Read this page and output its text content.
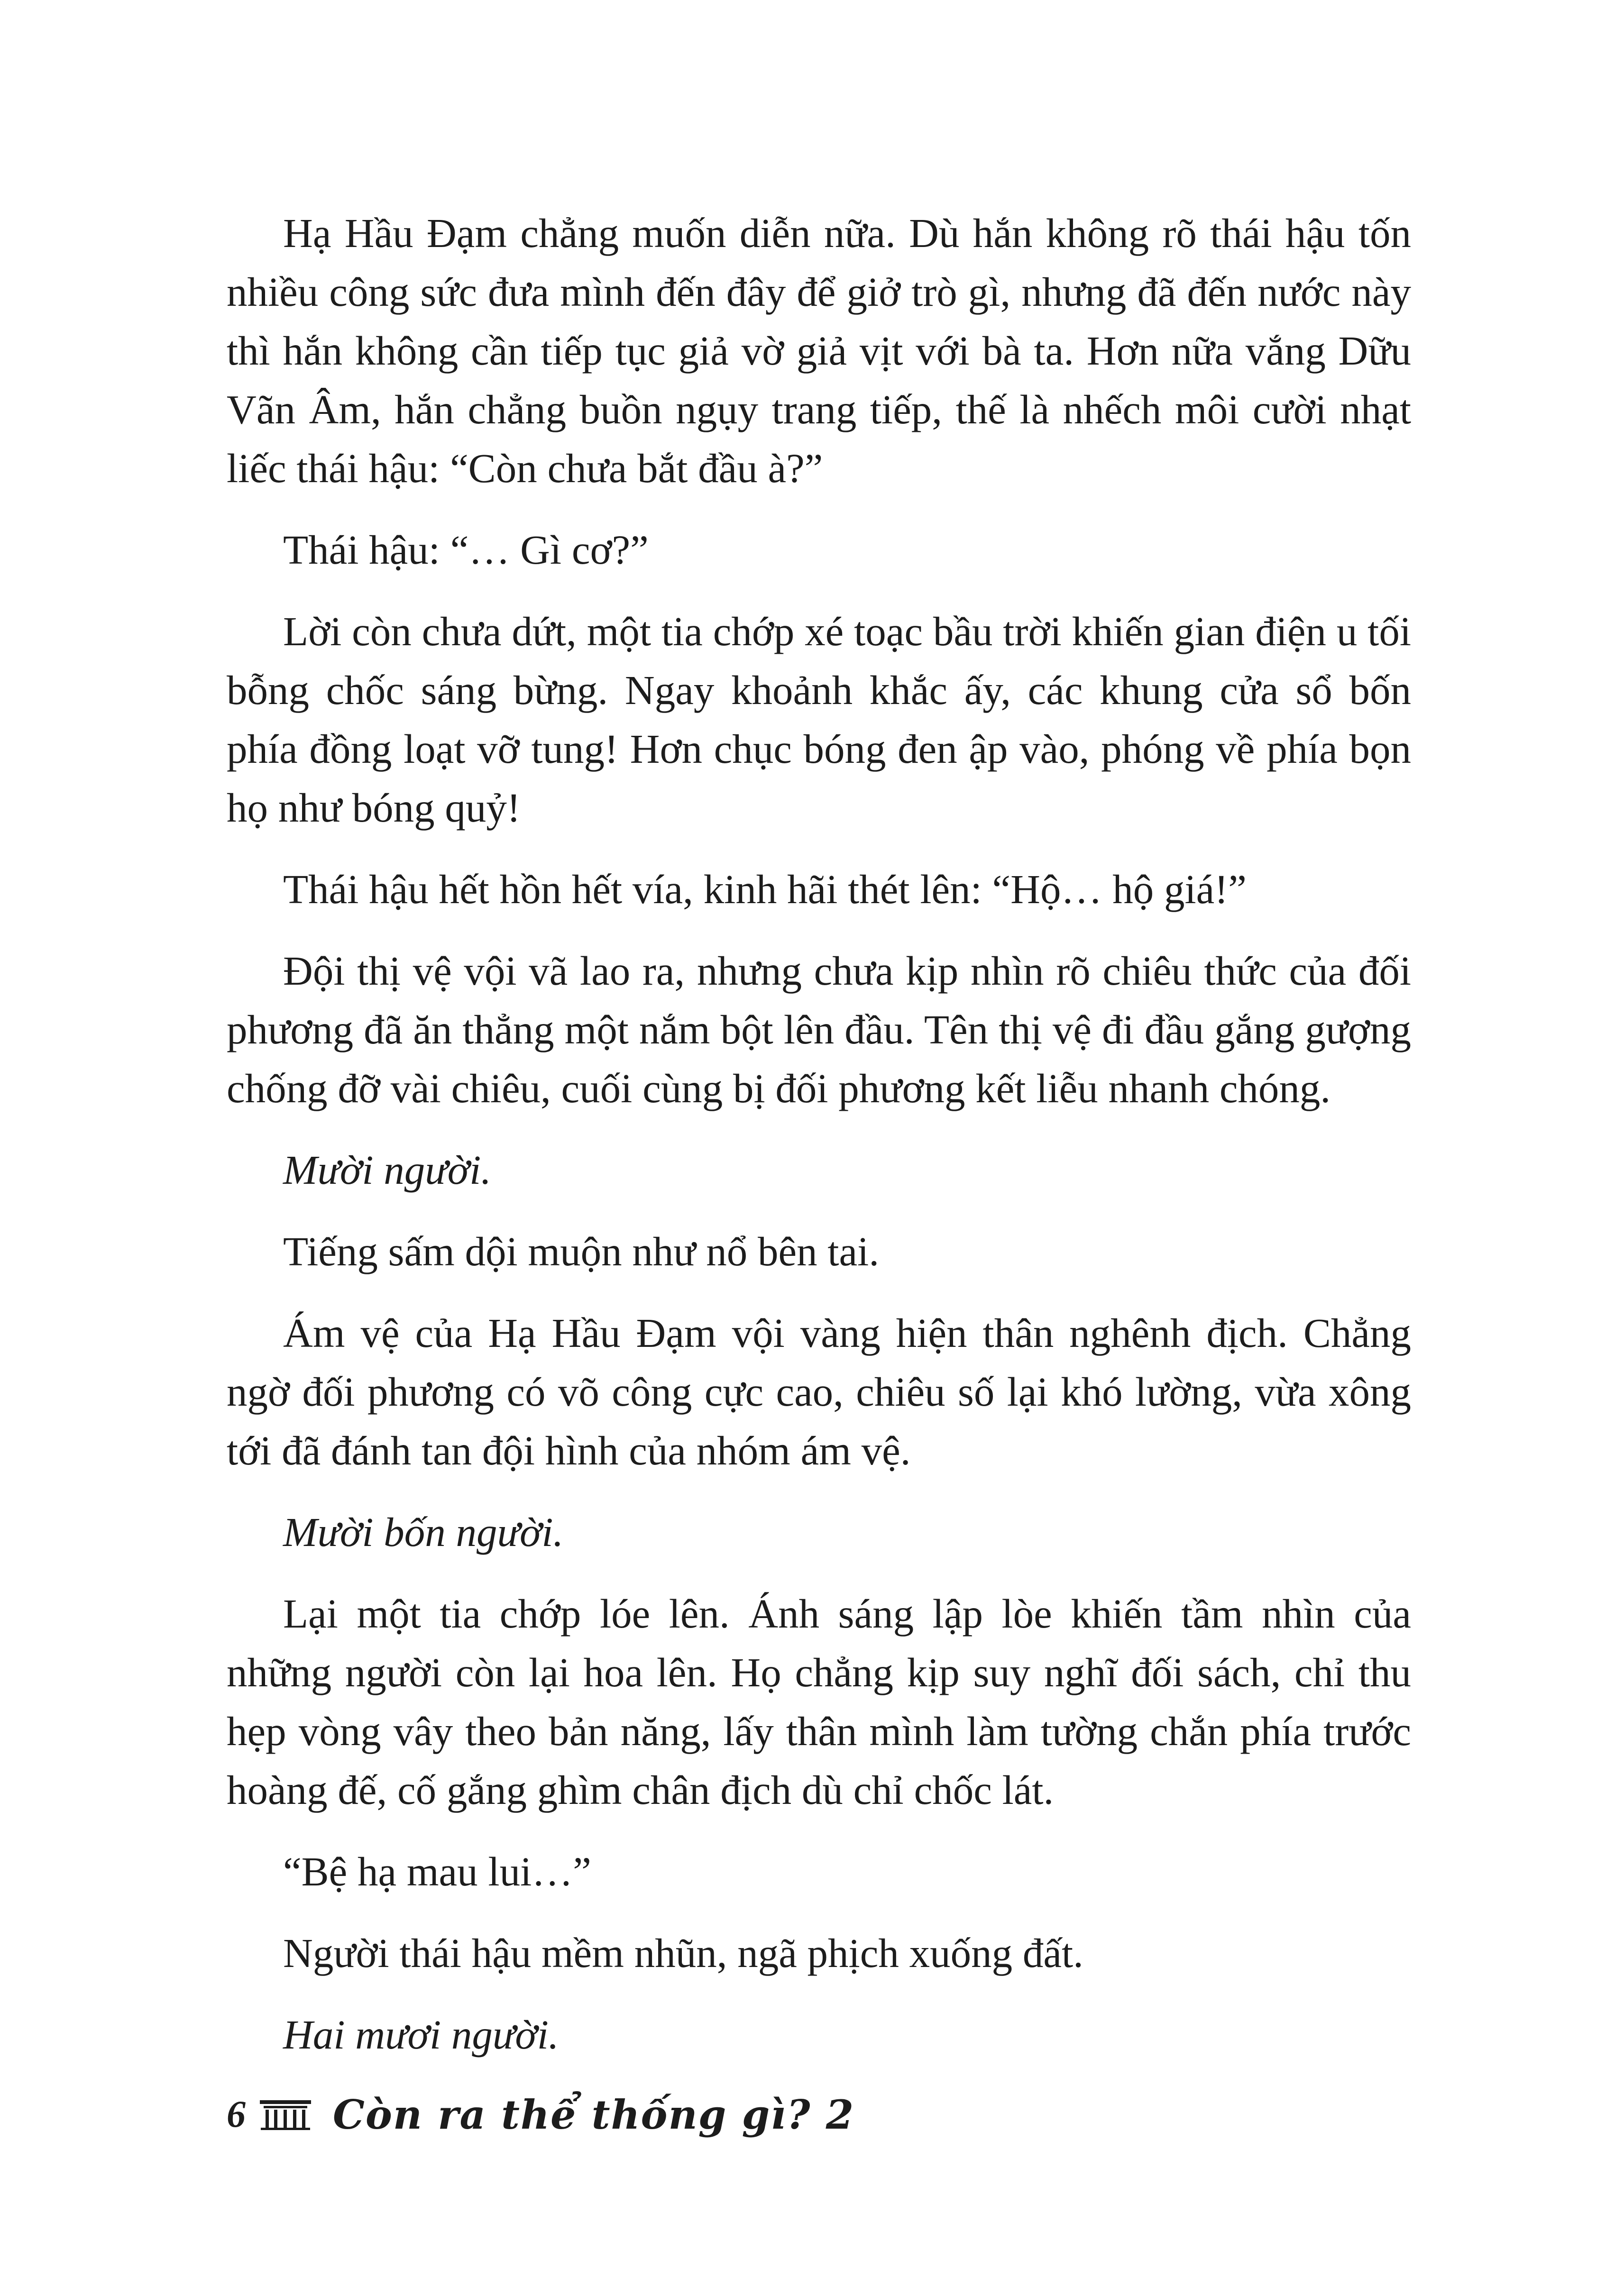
Hạ Hầu Đạm chẳng muốn diễn nữa. Dù hắn không rõ thái hậu tốn nhiều công sức đưa mình đến đây để giở trò gì, nhưng đã đến nước này thì hắn không cần tiếp tục giả vờ giả vịt với bà ta. Hơn nữa vắng Dữu Vãn Âm, hắn chẳng buồn ngụy trang tiếp, thế là nhếch môi cười nhạt liếc thái hậu: “Còn chưa bắt đầu à?”

Thái hậu: “… Gì cơ?”

Lời còn chưa dứt, một tia chớp xé toạc bầu trời khiến gian điện u tối bỗng chốc sáng bừng. Ngay khoảnh khắc ấy, các khung cửa sổ bốn phía đồng loạt vỡ tung! Hơn chục bóng đen ập vào, phóng về phía bọn họ như bóng quỷ!

Thái hậu hết hồn hết vía, kinh hãi thét lên: “Hộ… hộ giá!”

Đội thị vệ vội vã lao ra, nhưng chưa kịp nhìn rõ chiêu thức của đối phương đã ăn thẳng một nắm bột lên đầu. Tên thị vệ đi đầu gắng gượng chống đỡ vài chiêu, cuối cùng bị đối phương kết liễu nhanh chóng.

Mười người.

Tiếng sấm dội muộn như nổ bên tai.

Ám vệ của Hạ Hầu Đạm vội vàng hiện thân nghênh địch. Chẳng ngờ đối phương có võ công cực cao, chiêu số lại khó lường, vừa xông tới đã đánh tan đội hình của nhóm ám vệ.

Mười bốn người.

Lại một tia chớp lóe lên. Ánh sáng lập lòe khiến tầm nhìn của những người còn lại hoa lên. Họ chẳng kịp suy nghĩ đối sách, chỉ thu hẹp vòng vây theo bản năng, lấy thân mình làm tường chắn phía trước hoàng đế, cố gắng ghìm chân địch dù chỉ chốc lát.

“Bệ hạ mau lui…”

Người thái hậu mềm nhũn, ngã phịch xuống đất.

Hai mươi người.

6 Còn ra thể thống gì? 2
